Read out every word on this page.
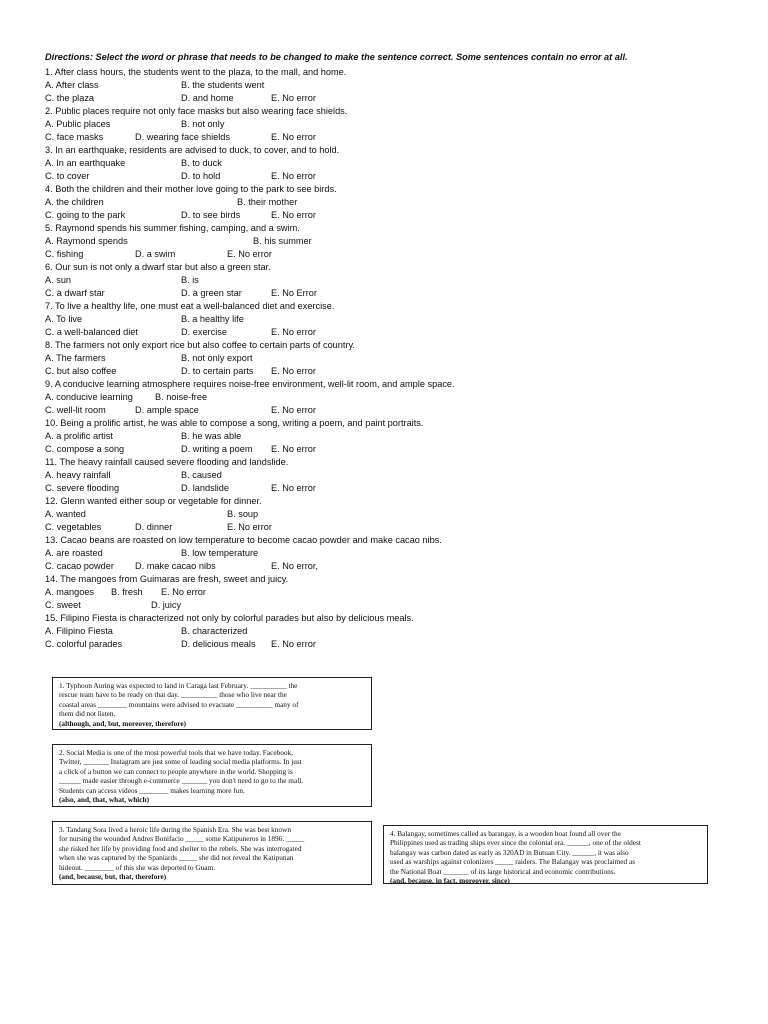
Directions: Select the word or phrase that needs to be changed to make the sentence correct. Some sentences contain no error at all.
1. After class hours, the students went to the plaza, to the mall, and home.
A. After class	B. the students went
C. the plaza	D. and home	E. No error
2. Public places require not only face masks but also wearing face shields.
A. Public places	B. not only
C. face masks	D. wearing face shields	E. No error
3. In an earthquake, residents are advised to duck, to cover, and to hold.
A. In an earthquake	B. to duck
C. to cover	D. to hold	E. No error
4. Both the children and their mother love going to the park to see birds.
A. the children	B. their mother
C. going to the park	D. to see birds	E. No error
5. Raymond spends his summer fishing, camping, and a swim.
A. Raymond spends	B. his summer
C. fishing	D. a swim	E. No error
6. Our sun is not only a dwarf star but also a green star.
A. sun	B. is
C. a dwarf star	D. a green star	E. No Error
7. To live a healthy life, one must eat a well-balanced diet and exercise.
A. To live	B. a healthy life
C. a well-balanced diet	D. exercise	E. No error
8. The farmers not only export rice but also coffee to certain parts of country.
A. The farmers	B. not only export
C. but also coffee	D. to certain parts E. No error
9. A conducive learning atmosphere requires noise-free environment, well-lit room, and ample space.
A. conducive learning B. noise-free
C. well-lit room	D. ample space	E. No error
10. Being a prolific artist, he was able to compose a song, writing a poem, and paint portraits.
A. a prolific artist	B. he was able
C. compose a song	D. writing a poem E. No error
11. The heavy rainfall caused severe flooding and landslide.
A. heavy rainfall	B. caused
C. severe flooding	D. landslide	E. No error
12. Glenn wanted either soup or vegetable for dinner.
A. wanted	B. soup
C. vegetables	D. dinner	E. No error
13. Cacao beans are roasted on low temperature to become cacao powder and make cacao nibs.
A. are roasted	B. low temperature
C. cacao powder D. make cacao nibs	E. No error,
14. The mangoes from Guimaras are fresh, sweet and juicy.
A. mangoes B. fresh E. No error
C. sweet	D. juicy
15. Filipino Fiesta is characterized not only by colorful parades but also by delicious meals.
A. Filipino Fiesta	B. characterized
C. colorful parades	D. delicious meals E. No error
1. Typhoon Auring was expected to land in Caraga last February. __________ the
rescue team have to be ready on that day. __________ those who live near the
coastal areas ________ mountains were advised to evacuate __________ many of
them did not listen.
(although, and, but, moreover, therefore)
2. Social Media is one of the most powerful tools that we have today. Facebook,
Twitter, _______ Instagram are just some of leading social media platforms. In just
a click of a button we can connect to people anywhere in the world. Shopping is
______ made easier through e-commerce _______ you don't need to go to the mall.
Students can access videos ________ makes learning more fun.
(also, and, that, what, which)
3. Tandang Sora lived a heroic life during the Spanish Era. She was best known
for nursing the wounded Andres Bonifacio _____ some Katipuneros in 1896. _____
she risked her life by providing food and shelter to the rebels. She was interrogated
when she was captured by the Spaniards _____ she did not reveal the Katipunan
hideout. ________ of this she was deported to Guam.
(and, because, but, that, therefore)
4. Balangay, sometimes called as barangay, is a wooden boat found all over the
Philippines used as trading ships ever since the colonial era. ______, one of the oldest
balangay was carbon dated as early as 320AD in Butuan City. ______, it was also
used as warships against colonizers _____ raiders. The Balangay was proclaimed as
the National Boat _______ of its large historical and economic contributions.
(and, because, in fact, moreover, since)
